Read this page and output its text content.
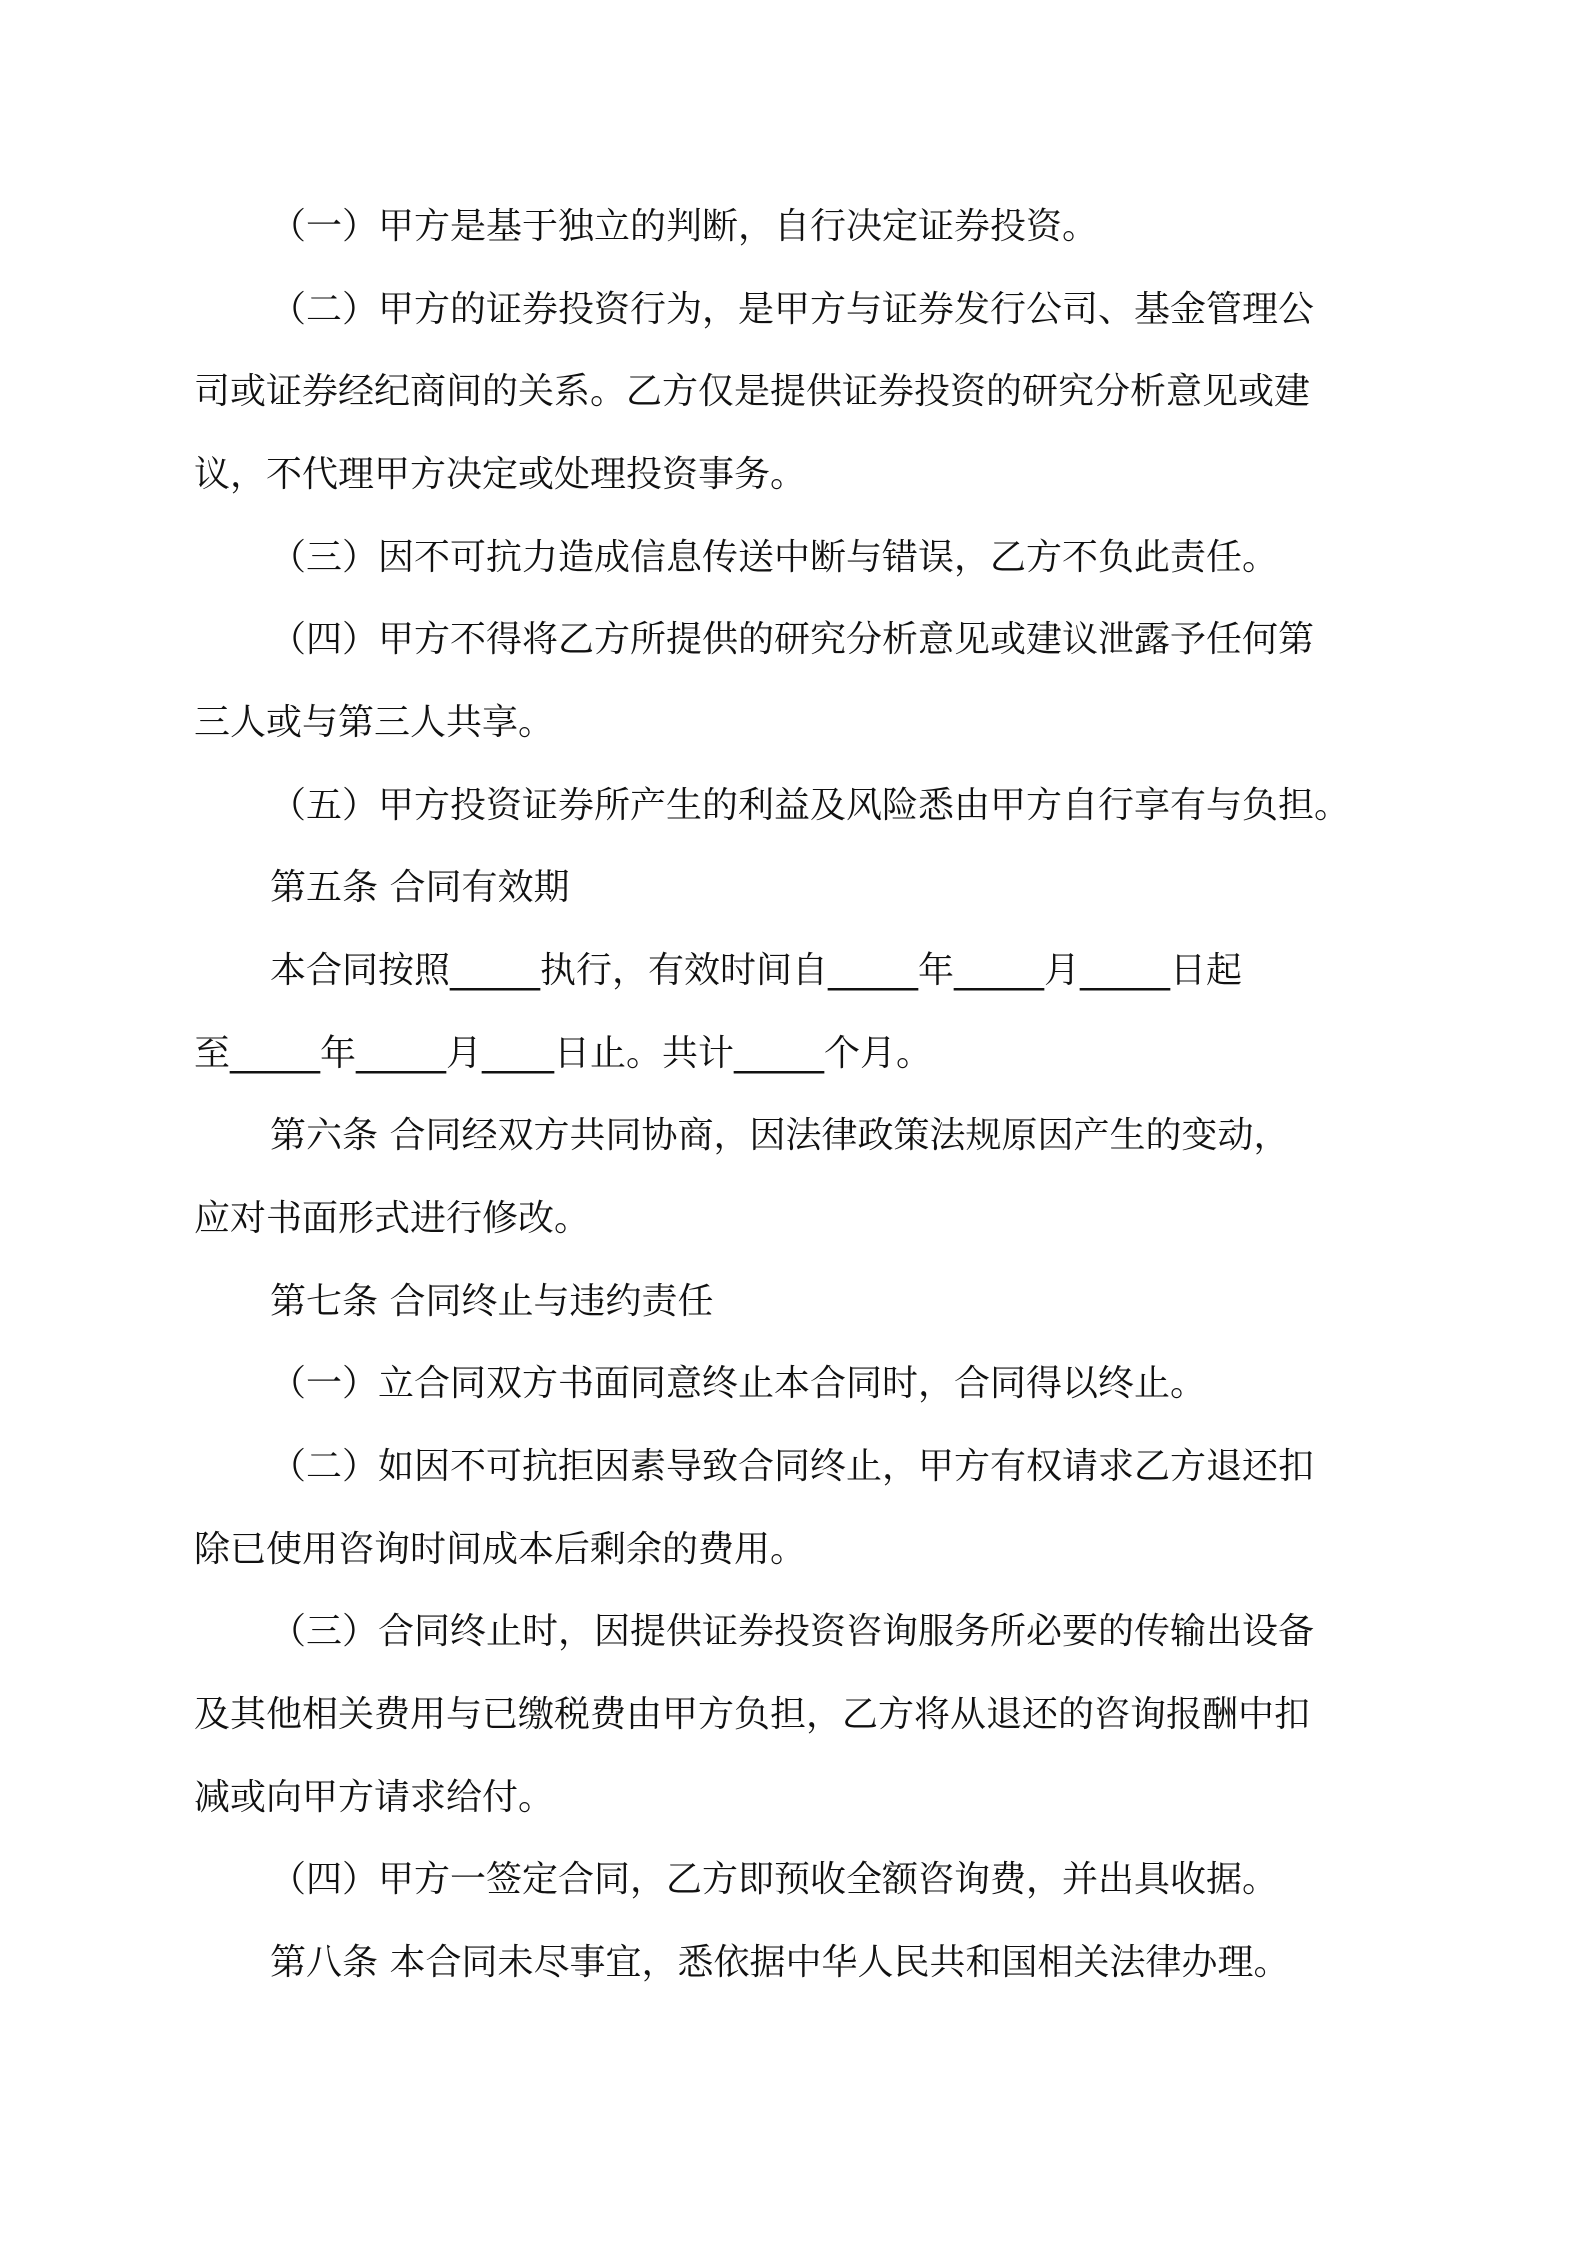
（一）甲方是基于独立的判断，自行决定证券投资。
（二）甲方的证券投资行为，是甲方与证券发行公司、基金管理公
司或证券经纪商间的关系。乙方仅是提供证券投资的研究分析意见或建
议，不代理甲方决定或处理投资事务。
（三）因不可抗力造成信息传送中断与错误，乙方不负此责任。
（四）甲方不得将乙方所提供的研究分析意见或建议泄露予任何第
三人或与第三人共享。
（五）甲方投资证券所产生的利益及风险悉由甲方自行享有与负担。
第五条 合同有效期
本合同按照_____执行，有效时间自_____年_____月_____日起
至_____年_____月____日止。共计_____个月。
第六条 合同经双方共同协商，因法律政策法规原因产生的变动，
应对书面形式进行修改。
第七条 合同终止与违约责任
（一）立合同双方书面同意终止本合同时，合同得以终止。
（二）如因不可抗拒因素导致合同终止，甲方有权请求乙方退还扣
除已使用咨询时间成本后剩余的费用。
（三）合同终止时，因提供证券投资咨询服务所必要的传输出设备
及其他相关费用与已缴税费由甲方负担，乙方将从退还的咨询报酬中扣
减或向甲方请求给付。
（四）甲方一签定合同，乙方即预收全额咨询费，并出具收据。
第八条 本合同未尽事宜，悉依据中华人民共和国相关法律办理。
